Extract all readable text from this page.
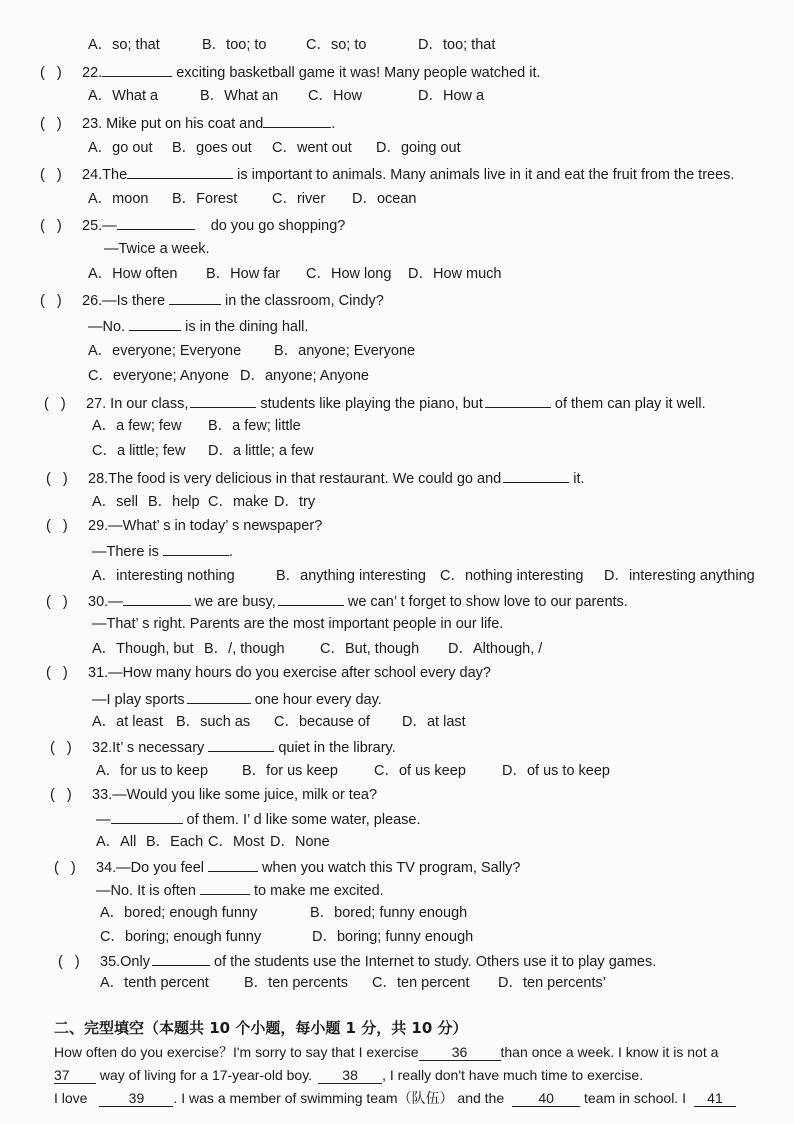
A．so; that	B．too; to	C．so; to	D．too; that
(   ) 22.	exciting basketball game it was! Many people watched it.
A．What a	B．What an C．How	D．How a
(   ) 23. Mike put on his coat and	.
A．go out B．goes out C．went out D．going out
(   ) 24.The	is important to animals. Many animals live in it and eat the fruit from the trees.
A．moon B．Forest C．river D．ocean
(   ) 25.—	do you go shopping?
—Twice a week.
A．How often B．How far C．How long D．How much
(   ) 26.—Is there	in the classroom, Cindy?
—No.	is in the dining hall.
A．everyone; Everyone B．anyone; Everyone
C．everyone; Anyone D．anyone; Anyone
(   ) 27. In our class,	students like playing the piano, but	of them can play it well.
A．a few; few B．a few; little
C．a little; few D．a little; a few
(   ) 28.The food is very delicious in that restaurant. We could go and	it.
A．sell B．help C．make D．try
(   ) 29.—What’ s in today’ s newspaper?
—There is	.
A．interesting nothing	B．anything interesting C．nothing interesting D．interesting anything
(   ) 30.—	we are busy,	we can’ t forget to show love to our parents.
—That’ s right. Parents are the most important people in our life.
A．Though, but B．/, though C．But, though D．Although, /
(   ) 31.—How many hours do you exercise after school every day?
—I play sports	one hour every day.
A．at least B．such as C．because of D．at last
(   ) 32.It’ s necessary	quiet in the library.
A．for us to keep B．for us keep C．of us keep D．of us to keep
(   ) 33.—Would you like some juice, milk or tea?
—	of them. I’ d like some water, please.
A．All B．Each C．Most D．None
(   ) 34.—Do you feel	when you watch this TV program, Sally?
—No. It is often	to make me excited.
A．bored; enough funny	B．bored; funny enough
C．boring; enough funny	D．boring; funny enough
(   ) 35.Only	of the students use the Internet to study. Others use it to play games.
A．tenth percent B．ten percents C．ten percent D．ten percents’
二、完型填空（本题共 10 个小题，每小题 1 分，共 10 分）
How often do you exercise？I'm sorry to say that I exercise 36 than once a week. I know it is not a
37 way of living for a 17-year-old boy. 38 , I really don't have much time to exercise.
I love	39 . I was a member of swimming team（队伍） and the 40 team in school. I 41
